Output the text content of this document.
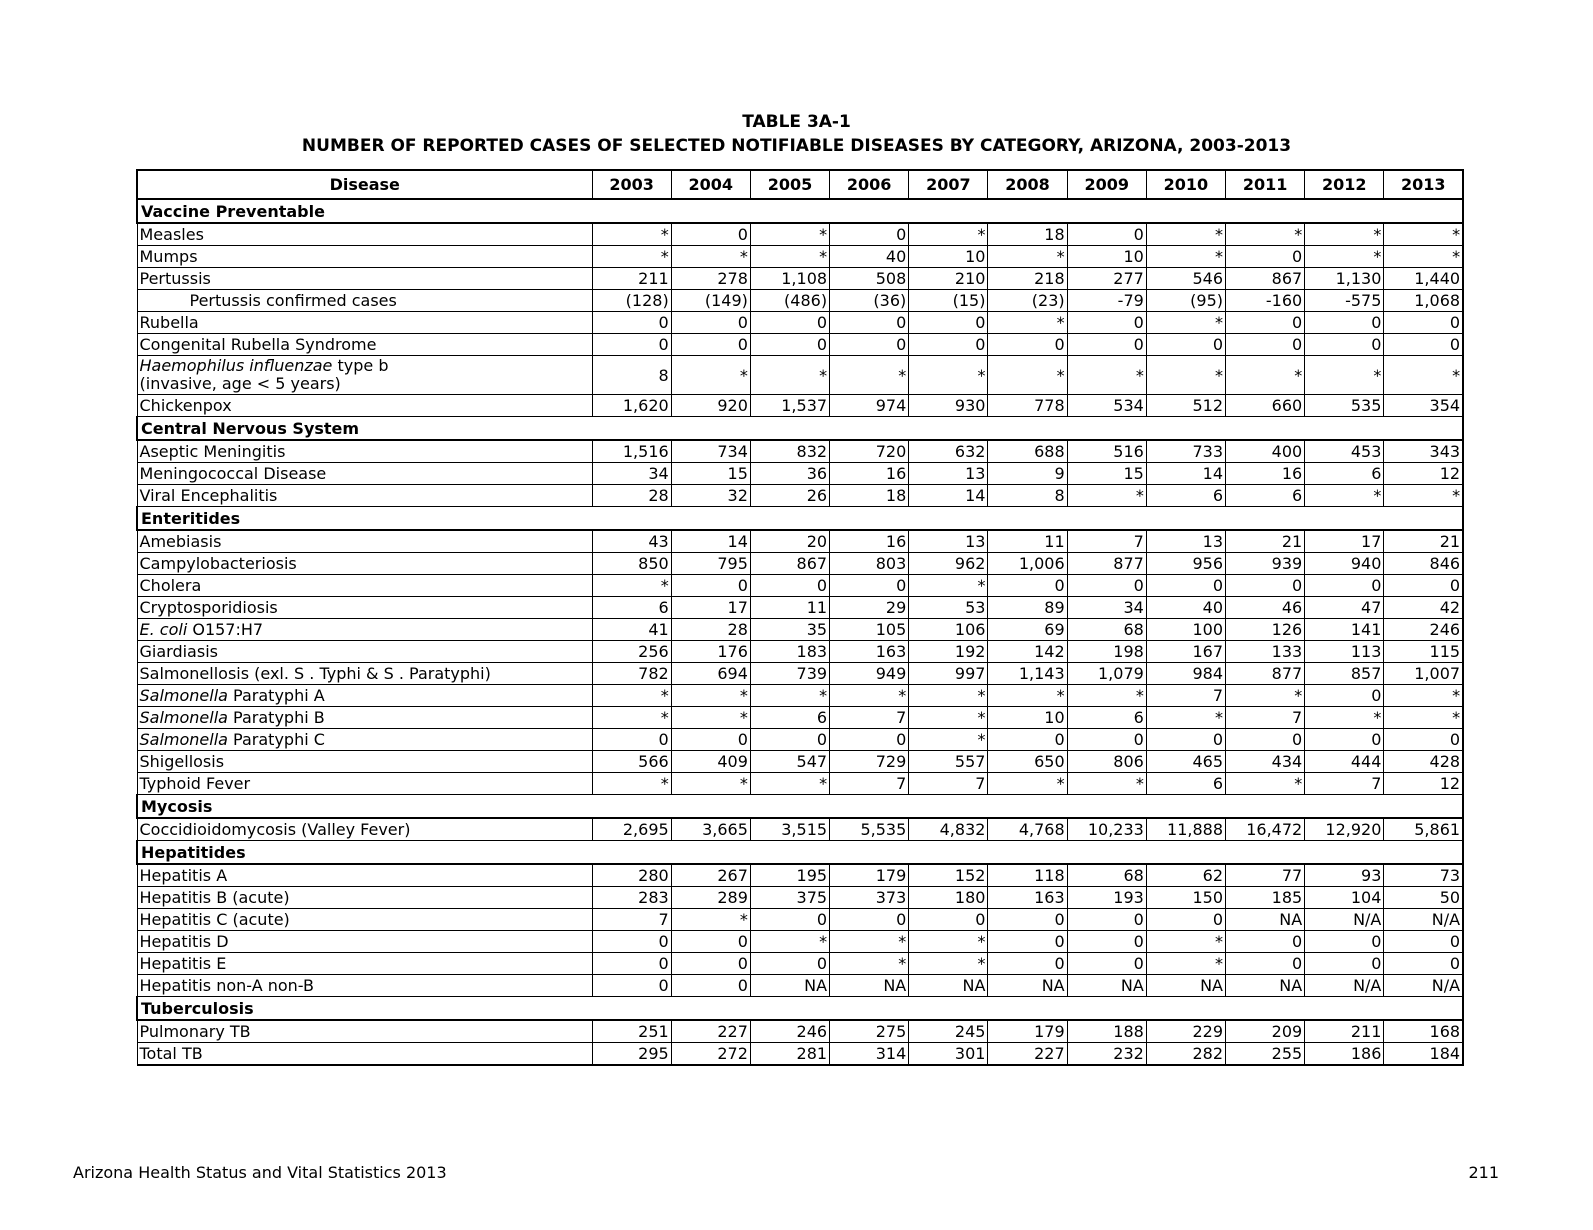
TABLE 3A-1
NUMBER OF REPORTED CASES OF SELECTED NOTIFIABLE DISEASES BY CATEGORY, ARIZONA, 2003-2013
Disease	2003	2004	2005	2006	2007	2008	2009	2010	2011	2012	2013
Vaccine Preventable											
Measles	*	0	*	0	*	18	0	*	*	*	*
Mumps	*	*	*	40	10	*	10	*	0	*	*
Pertussis	211	278	1,108	508	210	218	277	546	867	1,130	1,440
Pertussis confirmed cases	(128)	(149)	(486)	(36)	(15)	(23)	-79	(95)	-160	-575	1,068
Rubella	0	0	0	0	0	*	0	*	0	0	0
Congenital Rubella Syndrome	0	0	0	0	0	0	0	0	0	0	0
Haemophilus influenzae type b
(invasive, age < 5 years)	8	*	*	*	*	*	*	*	*	*	*
Chickenpox	1,620	920	1,537	974	930	778	534	512	660	535	354
Central Nervous System											
Aseptic Meningitis	1,516	734	832	720	632	688	516	733	400	453	343
Meningococcal Disease	34	15	36	16	13	9	15	14	16	6	12
Viral Encephalitis	28	32	26	18	14	8	*	6	6	*	*
Enteritides											
Amebiasis	43	14	20	16	13	11	7	13	21	17	21
Campylobacteriosis	850	795	867	803	962	1,006	877	956	939	940	846
Cholera	*	0	0	0	*	0	0	0	0	0	0
Cryptosporidiosis	6	17	11	29	53	89	34	40	46	47	42
E. coli O157:H7	41	28	35	105	106	69	68	100	126	141	246
Giardiasis	256	176	183	163	192	142	198	167	133	113	115
Salmonellosis (exl. S . Typhi & S . Paratyphi)	782	694	739	949	997	1,143	1,079	984	877	857	1,007
Salmonella Paratyphi A	*	*	*	*	*	*	*	7	*	0	*
Salmonella Paratyphi B	*	*	6	7	*	10	6	*	7	*	*
Salmonella Paratyphi C	0	0	0	0	*	0	0	0	0	0	0
Shigellosis	566	409	547	729	557	650	806	465	434	444	428
Typhoid Fever	*	*	*	7	7	*	*	6	*	7	12
Mycosis											
Coccidioidomycosis (Valley Fever)	2,695	3,665	3,515	5,535	4,832	4,768	10,233	11,888	16,472	12,920	5,861
Hepatitides											
Hepatitis A	280	267	195	179	152	118	68	62	77	93	73
Hepatitis B (acute)	283	289	375	373	180	163	193	150	185	104	50
Hepatitis C (acute)	7	*	0	0	0	0	0	0	NA	N/A	N/A
Hepatitis D	0	0	*	*	*	0	0	*	0	0	0
Hepatitis E	0	0	0	*	*	0	0	*	0	0	0
Hepatitis non-A non-B	0	0	NA	NA	NA	NA	NA	NA	NA	N/A	N/A
Tuberculosis											
Pulmonary TB	251	227	246	275	245	179	188	229	209	211	168
Total TB	295	272	281	314	301	227	232	282	255	186	184
Arizona Health Status and Vital Statistics 2013	211
